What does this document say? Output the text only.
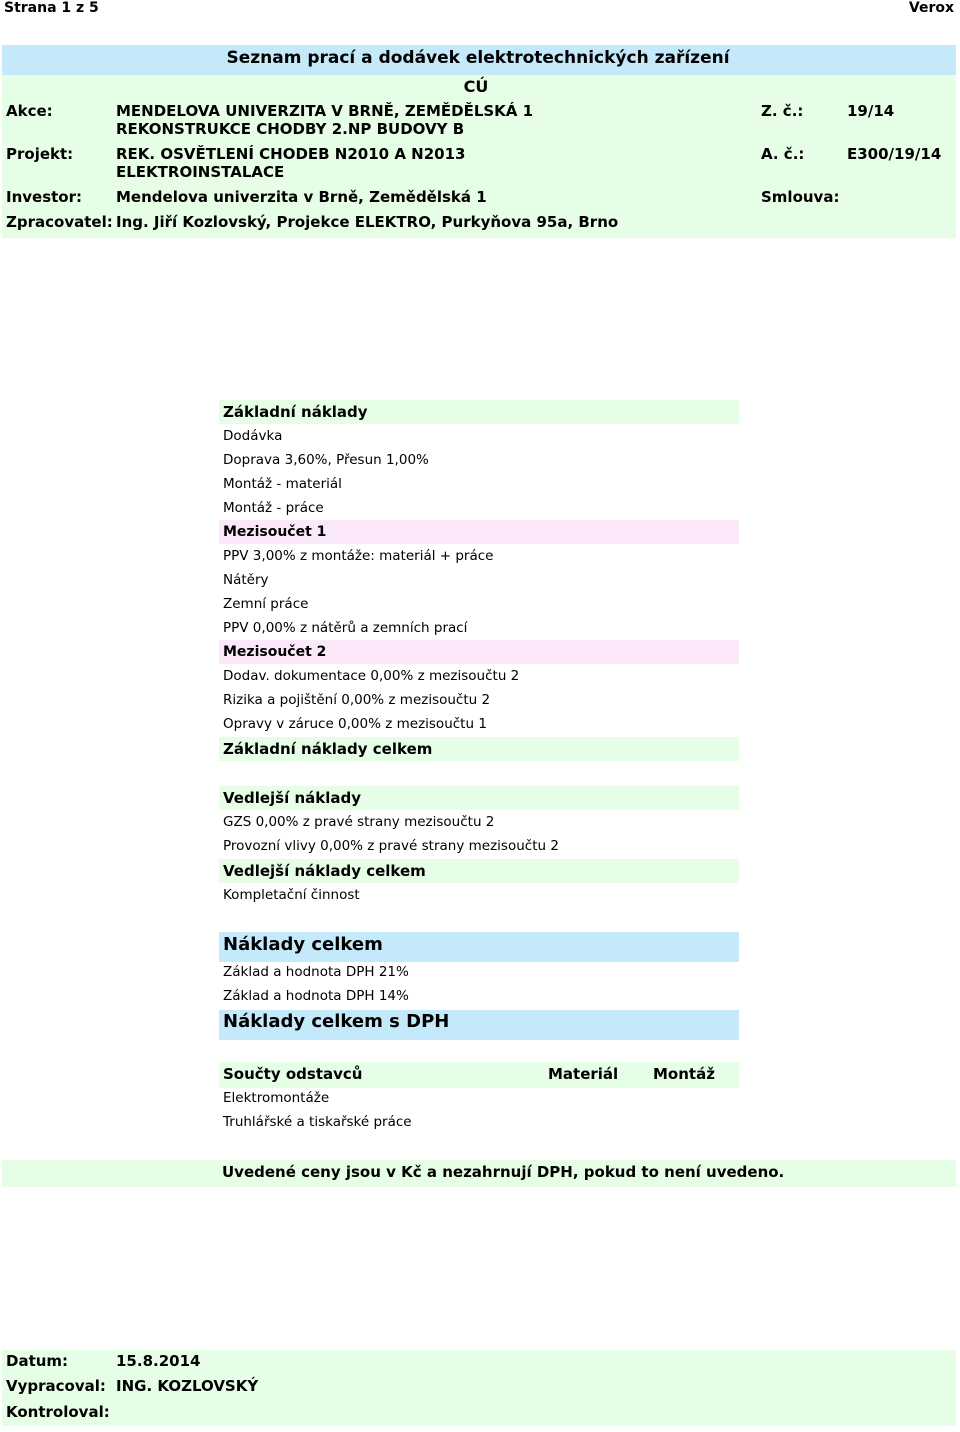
Strana 1 z 5	Verox
Seznam prací a dodávek elektrotechnických zařízení
CÚ
Akce:	MENDELOVA UNIVERZITA V BRNĚ, ZEMĚDĚLSKÁ 1
REKONSTRUKCE CHODBY 2.NP BUDOVY B
Z. č.:	19/14
Projekt:	REK. OSVĚTLENÍ CHODEB N2010 A N2013
ELEKTROINSTALACE
A. č.:	E300/19/14
Investor: Mendelova univerzita v Brně, Zemědělská 1	Smlouva:
Zpracovatel: Ing. Jiří Kozlovský, Projekce ELEKTRO, Purkyňova 95a, Brno
Základní náklady
Dodávka
Doprava 3,60%, Přesun 1,00%
Montáž - materiál
Montáž - práce
Mezisoučet 1
PPV 3,00% z montáže: materiál + práce
Nátěry
Zemní práce
PPV 0,00% z nátěrů a zemních prací
Mezisoučet 2
Dodav. dokumentace 0,00% z mezisoučtu 2
Rizika a pojištění 0,00% z mezisoučtu 2
Opravy v záruce 0,00% z mezisoučtu 1
Základní náklady celkem
Vedlejší náklady
GZS 0,00% z pravé strany mezisoučtu 2
Provozní vlivy 0,00% z pravé strany mezisoučtu 2
Vedlejší náklady celkem
Kompletační činnost
Náklady celkem
Základ a hodnota DPH 21%
Základ a hodnota DPH 14%
Náklady celkem s DPH
Součty odstavců	Materiál Montáž
Elektromontáže
Truhlářské a tiskařské práce
Uvedené ceny jsou v Kč a nezahrnují DPH, pokud to není uvedeno.
Datum:	15.8.2014
Vypracoval: ING. KOZLOVSKÝ
Kontroloval:
